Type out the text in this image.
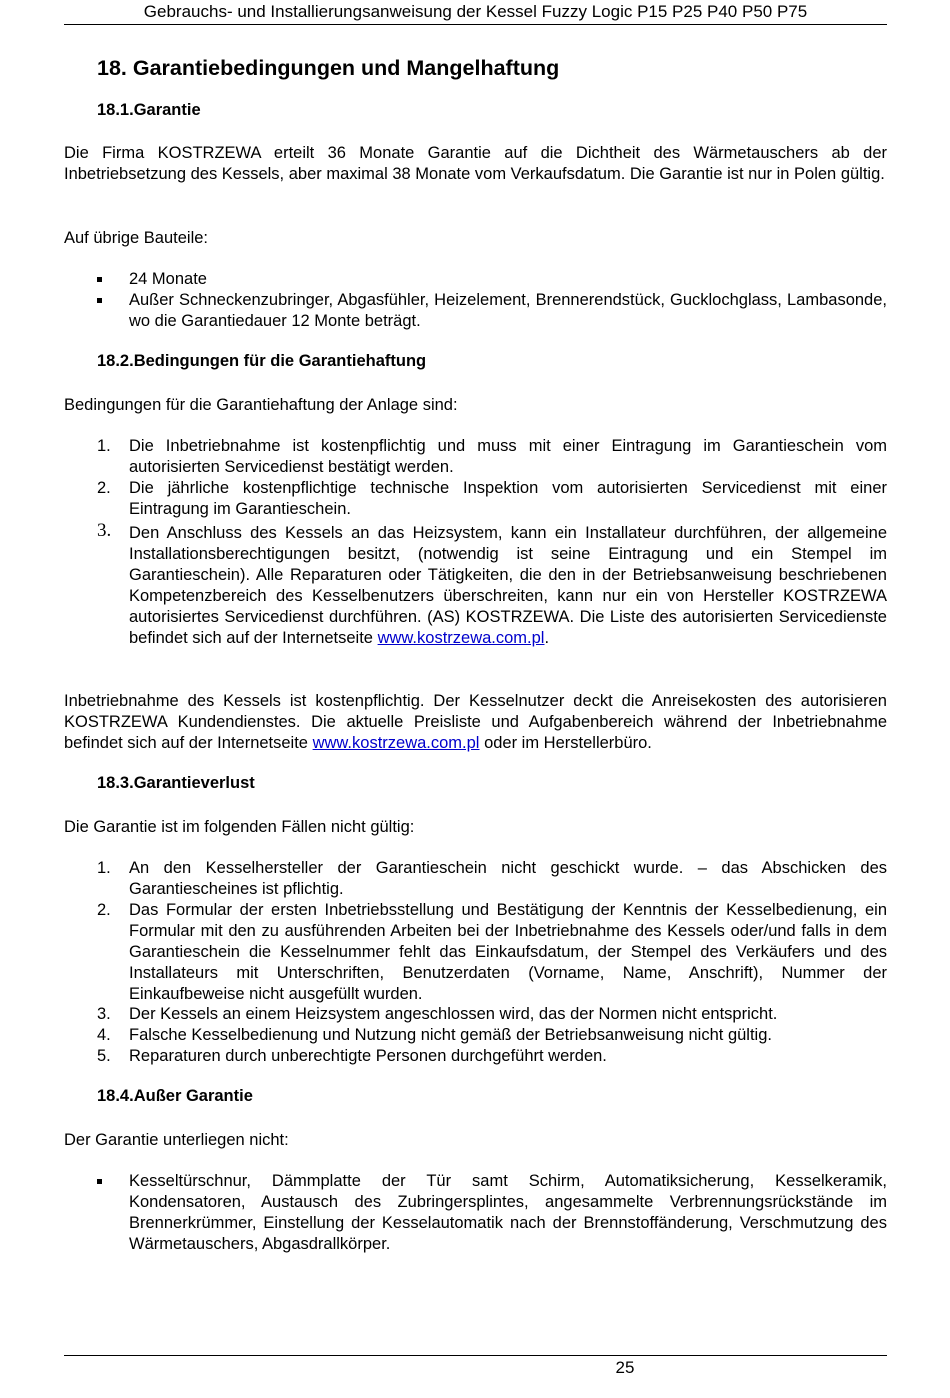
Gebrauchs- und Installierungsanweisung der Kessel Fuzzy Logic P15 P25 P40 P50 P75
18. Garantiebedingungen und Mangelhaftung
18.1.Garantie
Die Firma KOSTRZEWA erteilt 36 Monate Garantie auf die Dichtheit des Wärmetauschers ab der Inbetriebsetzung des Kessels, aber maximal 38 Monate vom Verkaufsdatum. Die Garantie ist nur in Polen gültig.
Auf übrige Bauteile:
24 Monate
Außer Schneckenzubringer, Abgasfühler, Heizelement, Brennerendstück, Gucklochglass, Lambasonde, wo die Garantiedauer 12 Monte beträgt.
18.2.Bedingungen für die Garantiehaftung
Bedingungen für die Garantiehaftung der Anlage sind:
1. Die Inbetriebnahme ist kostenpflichtig und muss mit einer Eintragung im Garantieschein vom autorisierten Servicedienst bestätigt werden.
2. Die jährliche kostenpflichtige technische Inspektion vom autorisierten Servicedienst mit einer Eintragung im Garantieschein.
3. Den Anschluss des Kessels an das Heizsystem, kann ein Installateur durchführen, der allgemeine Installationsberechtigungen besitzt, (notwendig ist seine Eintragung und ein Stempel im Garantieschein). Alle Reparaturen oder Tätigkeiten, die den in der Betriebsanweisung beschriebenen Kompetenzbereich des Kesselbenutzers überschreiten, kann nur ein von Hersteller KOSTRZEWA autorisiertes Servicedienst durchführen. (AS) KOSTRZEWA. Die Liste des autorisierten Servicedienste befindet sich auf der Internetseite www.kostrzewa.com.pl.
Inbetriebnahme des Kessels ist kostenpflichtig. Der Kesselnutzer deckt die Anreisekosten des autorisieren KOSTRZEWA Kundendienstes. Die aktuelle Preisliste und Aufgabenbereich während der Inbetriebnahme befindet sich auf der Internetseite www.kostrzewa.com.pl oder im Herstellerbüro.
18.3.Garantieverlust
Die Garantie ist im folgenden Fällen nicht gültig:
1. An den Kesselhersteller der Garantieschein nicht geschickt wurde. – das Abschicken des Garantiescheines ist pflichtig.
2. Das Formular der ersten Inbetriebsstellung und Bestätigung der Kenntnis der Kesselbedienung, ein Formular mit den zu ausführenden Arbeiten bei der Inbetriebnahme des Kessels oder/und falls in dem Garantieschein die Kesselnummer fehlt das Einkaufsdatum, der Stempel des Verkäufers und des Installateurs mit Unterschriften, Benutzerdaten (Vorname, Name, Anschrift), Nummer der Einkaufbeweise nicht ausgefüllt wurden.
3. Der Kessels an einem Heizsystem angeschlossen wird, das der Normen nicht entspricht.
4. Falsche Kesselbedienung und Nutzung nicht gemäß der Betriebsanweisung nicht gültig.
5. Reparaturen durch unberechtigte Personen durchgeführt werden.
18.4.Außer Garantie
Der Garantie unterliegen nicht:
Kesseltürschnur, Dämmplatte der Tür samt Schirm, Automatiksicherung, Kesselkeramik, Kondensatoren, Austausch des Zubringersplintes, angesammelte Verbrennungsrückstände im Brennerkrümmer, Einstellung der Kesselautomatik nach der Brennstoffänderung, Verschmutzung des Wärmetauschers, Abgasdrallkörper.
25
